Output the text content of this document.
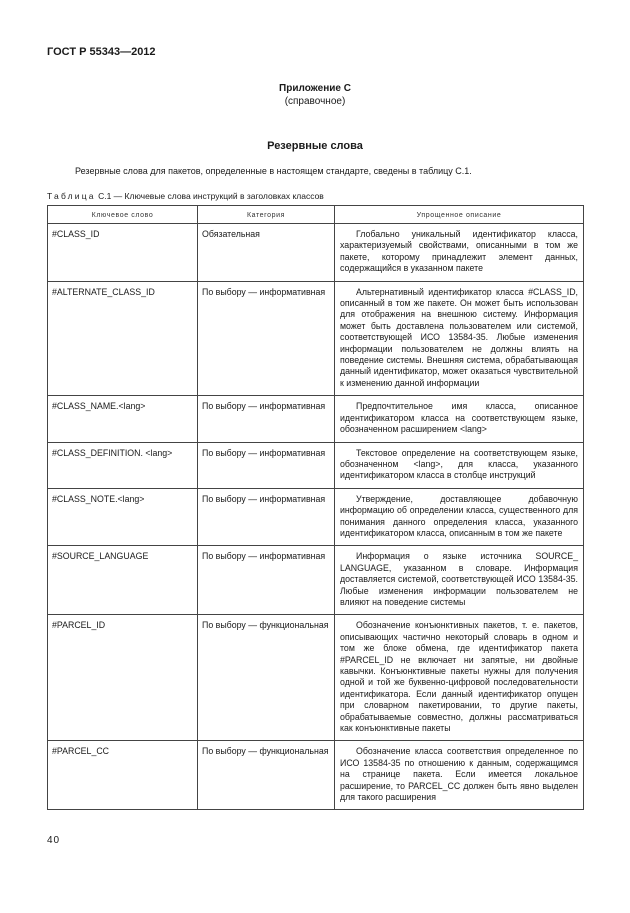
ГОСТ Р 55343—2012
Приложение С
(справочное)
Резервные слова
Резервные слова для пакетов, определенные в настоящем стандарте, сведены в таблицу С.1.
Таблица С.1 — Ключевые слова инструкций в заголовках классов
Ключевое слово	Категория	Упрощенное описание
#CLASS_ID	Обязательная	Глобально уникальный идентификатор класса, характеризуемый свойствами, описанными в том же пакете, которому принадлежит элемент данных, содержащийся в указанном пакете
#ALTERNATE_CLASS_ID	По выбору — информативная	Альтернативный идентификатор класса #CLASS_ID, описанный в том же пакете. Он может быть использован для отображения на внешнюю систему. Информация может быть доставлена пользователем или системой, соответствующей ИСО 13584-35. Любые изменения информации пользователем не должны влиять на поведение системы. Внешняя система, обрабатывающая данный идентификатор, может оказаться чувствительной к изменению данной информации
#CLASS_NAME.<lang>	По выбору — информативная	Предпочтительное имя класса, описанное идентификатором класса на соответствующем языке, обозначенном расширением <lang>
#CLASS_DEFINITION. <lang>	По выбору — информативная	Текстовое определение на соответствующем языке, обозначенном <lang>, для класса, указанного идентификатором класса в столбце инструкций
#CLASS_NOTE.<lang>	По выбору — информативная	Утверждение, доставляющее добавочную информацию об определении класса, существенного для понимания данного определения класса, указанного идентификатором класса, описанным в том же пакете
#SOURCE_LANGUAGE	По выбору — информативная	Информация о языке источника SOURCE_ LANGUAGE, указанном в словаре. Информация доставляется системой, соответствующей ИСО 13584-35. Любые изменения информации пользователем не влияют на поведение системы
#PARCEL_ID	По выбору — функциональная	Обозначение конъюнктивных пакетов, т. е. пакетов, описывающих частично некоторый словарь в одном и том же блоке обмена, где идентификатор пакета #PARCEL_ID не включает ни запятые, ни двойные кавычки. Конъюнктивные пакеты нужны для получения одной и той же буквенно-цифровой последовательности идентификатора. Если данный идентификатор опущен при словарном пакетировании, то другие пакеты, обрабатываемые совместно, должны рассматриваться как конъюнктивные пакеты
#PARCEL_CC	По выбору — функциональная	Обозначение класса соответствия определенное по ИСО 13584-35 по отношению к данным, содержащимся на странице пакета. Если имеется локальное расширение, то PARCEL_CC должен быть явно выделен для такого расширения
40
